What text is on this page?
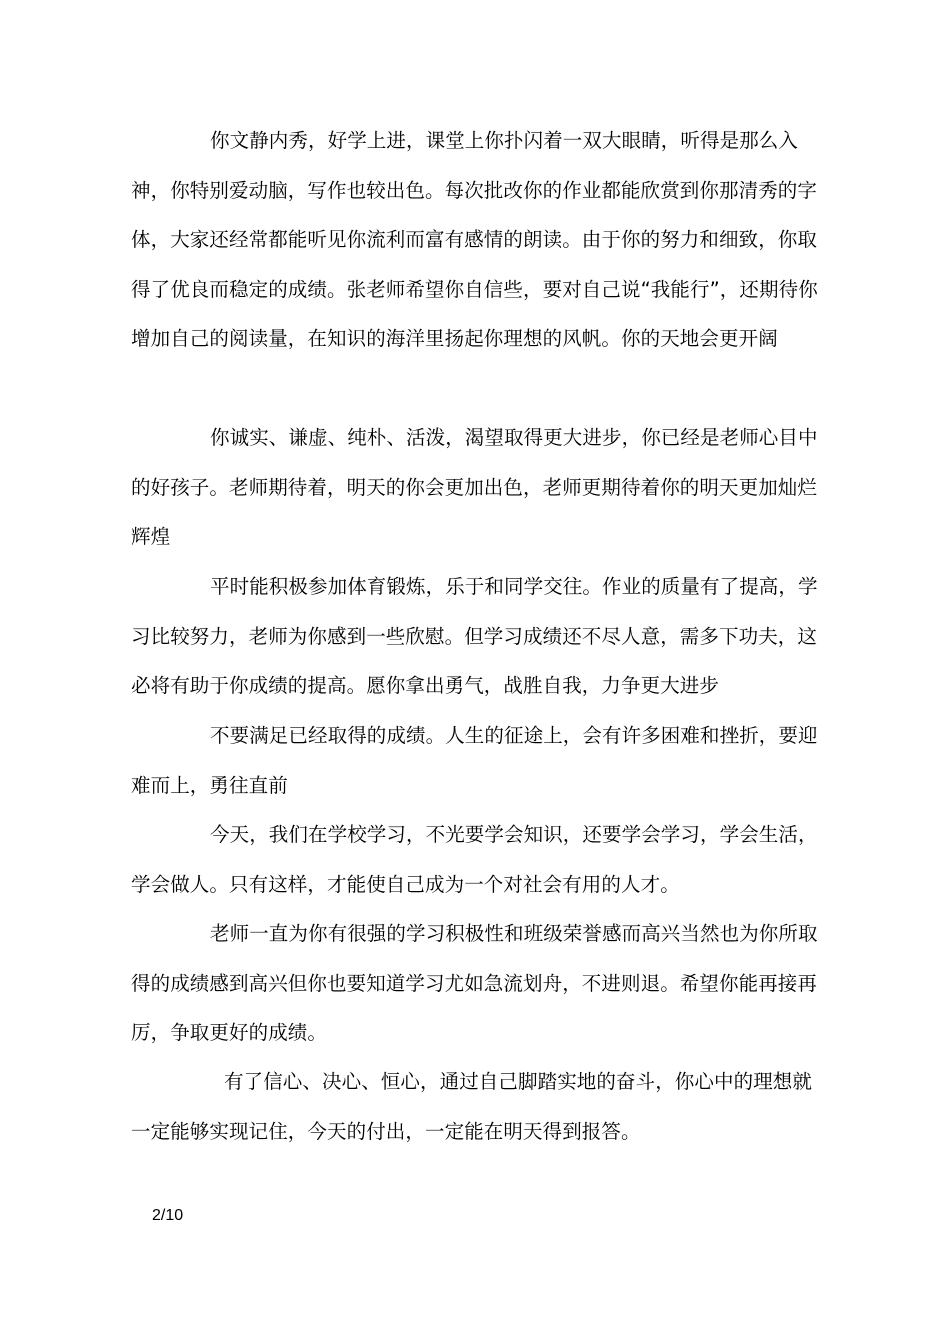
你文静内秀，好学上进，课堂上你扑闪着一双大眼睛，听得是那么入神，你特别爱动脑，写作也较出色。每次批改你的作业都能欣赏到你那清秀的字体，大家还经常都能听见你流利而富有感情的朗读。由于你的努力和细致，你取得了优良而稳定的成绩。张老师希望你自信些，要对自己说“我能行”，还期待你增加自己的阅读量，在知识的海洋里扬起你理想的风帆。你的天地会更开阔

你诚实、谦虚、纯朴、活泼，渴望取得更大进步，你已经是老师心目中的好孩子。老师期待着，明天的你会更加出色，老师更期待着你的明天更加灿烂辉煌

平时能积极参加体育锻炼，乐于和同学交往。作业的质量有了提高，学习比较努力，老师为你感到一些欣慰。但学习成绩还不尽人意，需多下功夫，这必将有助于你成绩的提高。愿你拿出勇气，战胜自我，力争更大进步

不要满足已经取得的成绩。人生的征途上，会有许多困难和挫折，要迎难而上，勇往直前

今天，我们在学校学习，不光要学会知识，还要学会学习，学会生活，学会做人。只有这样，才能使自己成为一个对社会有用的人才。

老师一直为你有很强的学习积极性和班级荣誉感而高兴当然也为你所取得的成绩感到高兴但你也要知道学习尤如急流划舟，不进则退。希望你能再接再厉，争取更好的成绩。

有了信心、决心、恒心，通过自己脚踏实地的奋斗，你心中的理想就一定能够实现记住，今天的付出，一定能在明天得到报答。

2/10
